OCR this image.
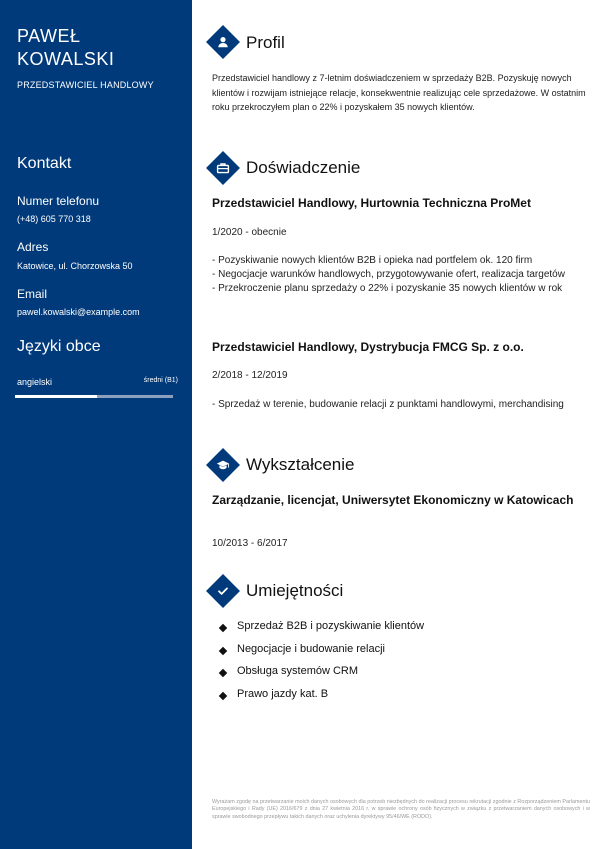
PAWEŁ
KOWALSKI
PRZEDSTAWICIEL HANDLOWY
Kontakt
Numer telefonu
(+48) 605 770 318
Adres
Katowice, ul. Chorzowska 50
Email
pawel.kowalski@example.com
Języki obce
angielski	średni (B1)
Profil

Przedstawiciel handlowy z 7-letnim doświadczeniem w sprzedaży B2B. Pozyskuję nowych klientów i rozwijam istniejące relacje, konsekwentnie realizując cele sprzedażowe. W ostatnim roku przekroczyłem plan o 22% i pozyskałem 35 nowych klientów.

Doświadczenie
Przedstawiciel Handlowy, Hurtownia Techniczna ProMet
1/2020 - obecnie
- Pozyskiwanie nowych klientów B2B i opieka nad portfelem ok. 120 firm
- Negocjacje warunków handlowych, przygotowywanie ofert, realizacja targetów
- Przekroczenie planu sprzedaży o 22% i pozyskanie 35 nowych klientów w rok
Przedstawiciel Handlowy, Dystrybucja FMCG Sp. z o.o.
2/2018 - 12/2019
- Sprzedaż w terenie, budowanie relacji z punktami handlowymi, merchandising
Wykształcenie
Zarządzanie, licencjat, Uniwersytet Ekonomiczny w Katowicach
10/2013 - 6/2017
Umiejętności
Sprzedaż B2B i pozyskiwanie klientów
Negocjacje i budowanie relacji
Obsługa systemów CRM
Prawo jazdy kat. B
Wyrażam zgodę na przetwarzanie moich danych osobowych dla potrzeb niezbędnych do realizacji procesu rekrutacji zgodnie z Rozporządzeniem Parlamentu Europejskiego i Rady (UE) 2016/679 z dnia 27 kwietnia 2016 r. w sprawie ochrony osób fizycznych w związku z przetwarzaniem danych osobowych i w sprawie swobodnego przepływu takich danych oraz uchylenia dyrektywy 95/46/WE (RODO).
